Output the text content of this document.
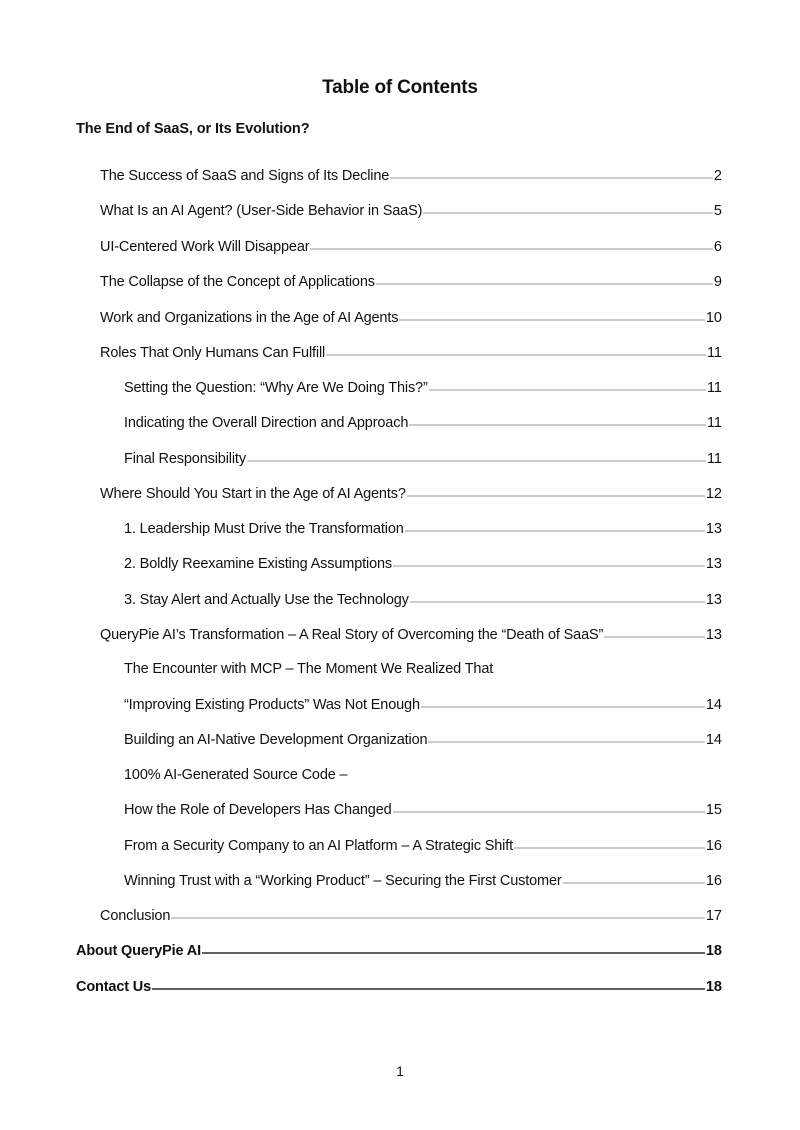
Table of Contents
The End of SaaS, or Its Evolution?
The Success of SaaS and Signs of Its Decline	2
What Is an AI Agent? (User-Side Behavior in SaaS)	5
UI-Centered Work Will Disappear	6
The Collapse of the Concept of Applications	9
Work and Organizations in the Age of AI Agents	10
Roles That Only Humans Can Fulfill	11
Setting the Question: “Why Are We Doing This?”	11
Indicating the Overall Direction and Approach	11
Final Responsibility	11
Where Should You Start in the Age of AI Agents?	12
1. Leadership Must Drive the Transformation	13
2. Boldly Reexamine Existing Assumptions	13
3. Stay Alert and Actually Use the Technology	13
QueryPie AI’s Transformation – A Real Story of Overcoming the “Death of SaaS”	13
The Encounter with MCP – The Moment We Realized That
“Improving Existing Products” Was Not Enough	14
Building an AI-Native Development Organization	14
100% AI-Generated Source Code –
How the Role of Developers Has Changed	15
From a Security Company to an AI Platform – A Strategic Shift	16
Winning Trust with a “Working Product” – Securing the First Customer	16
Conclusion	17
About QueryPie AI	18
Contact Us	18
1
